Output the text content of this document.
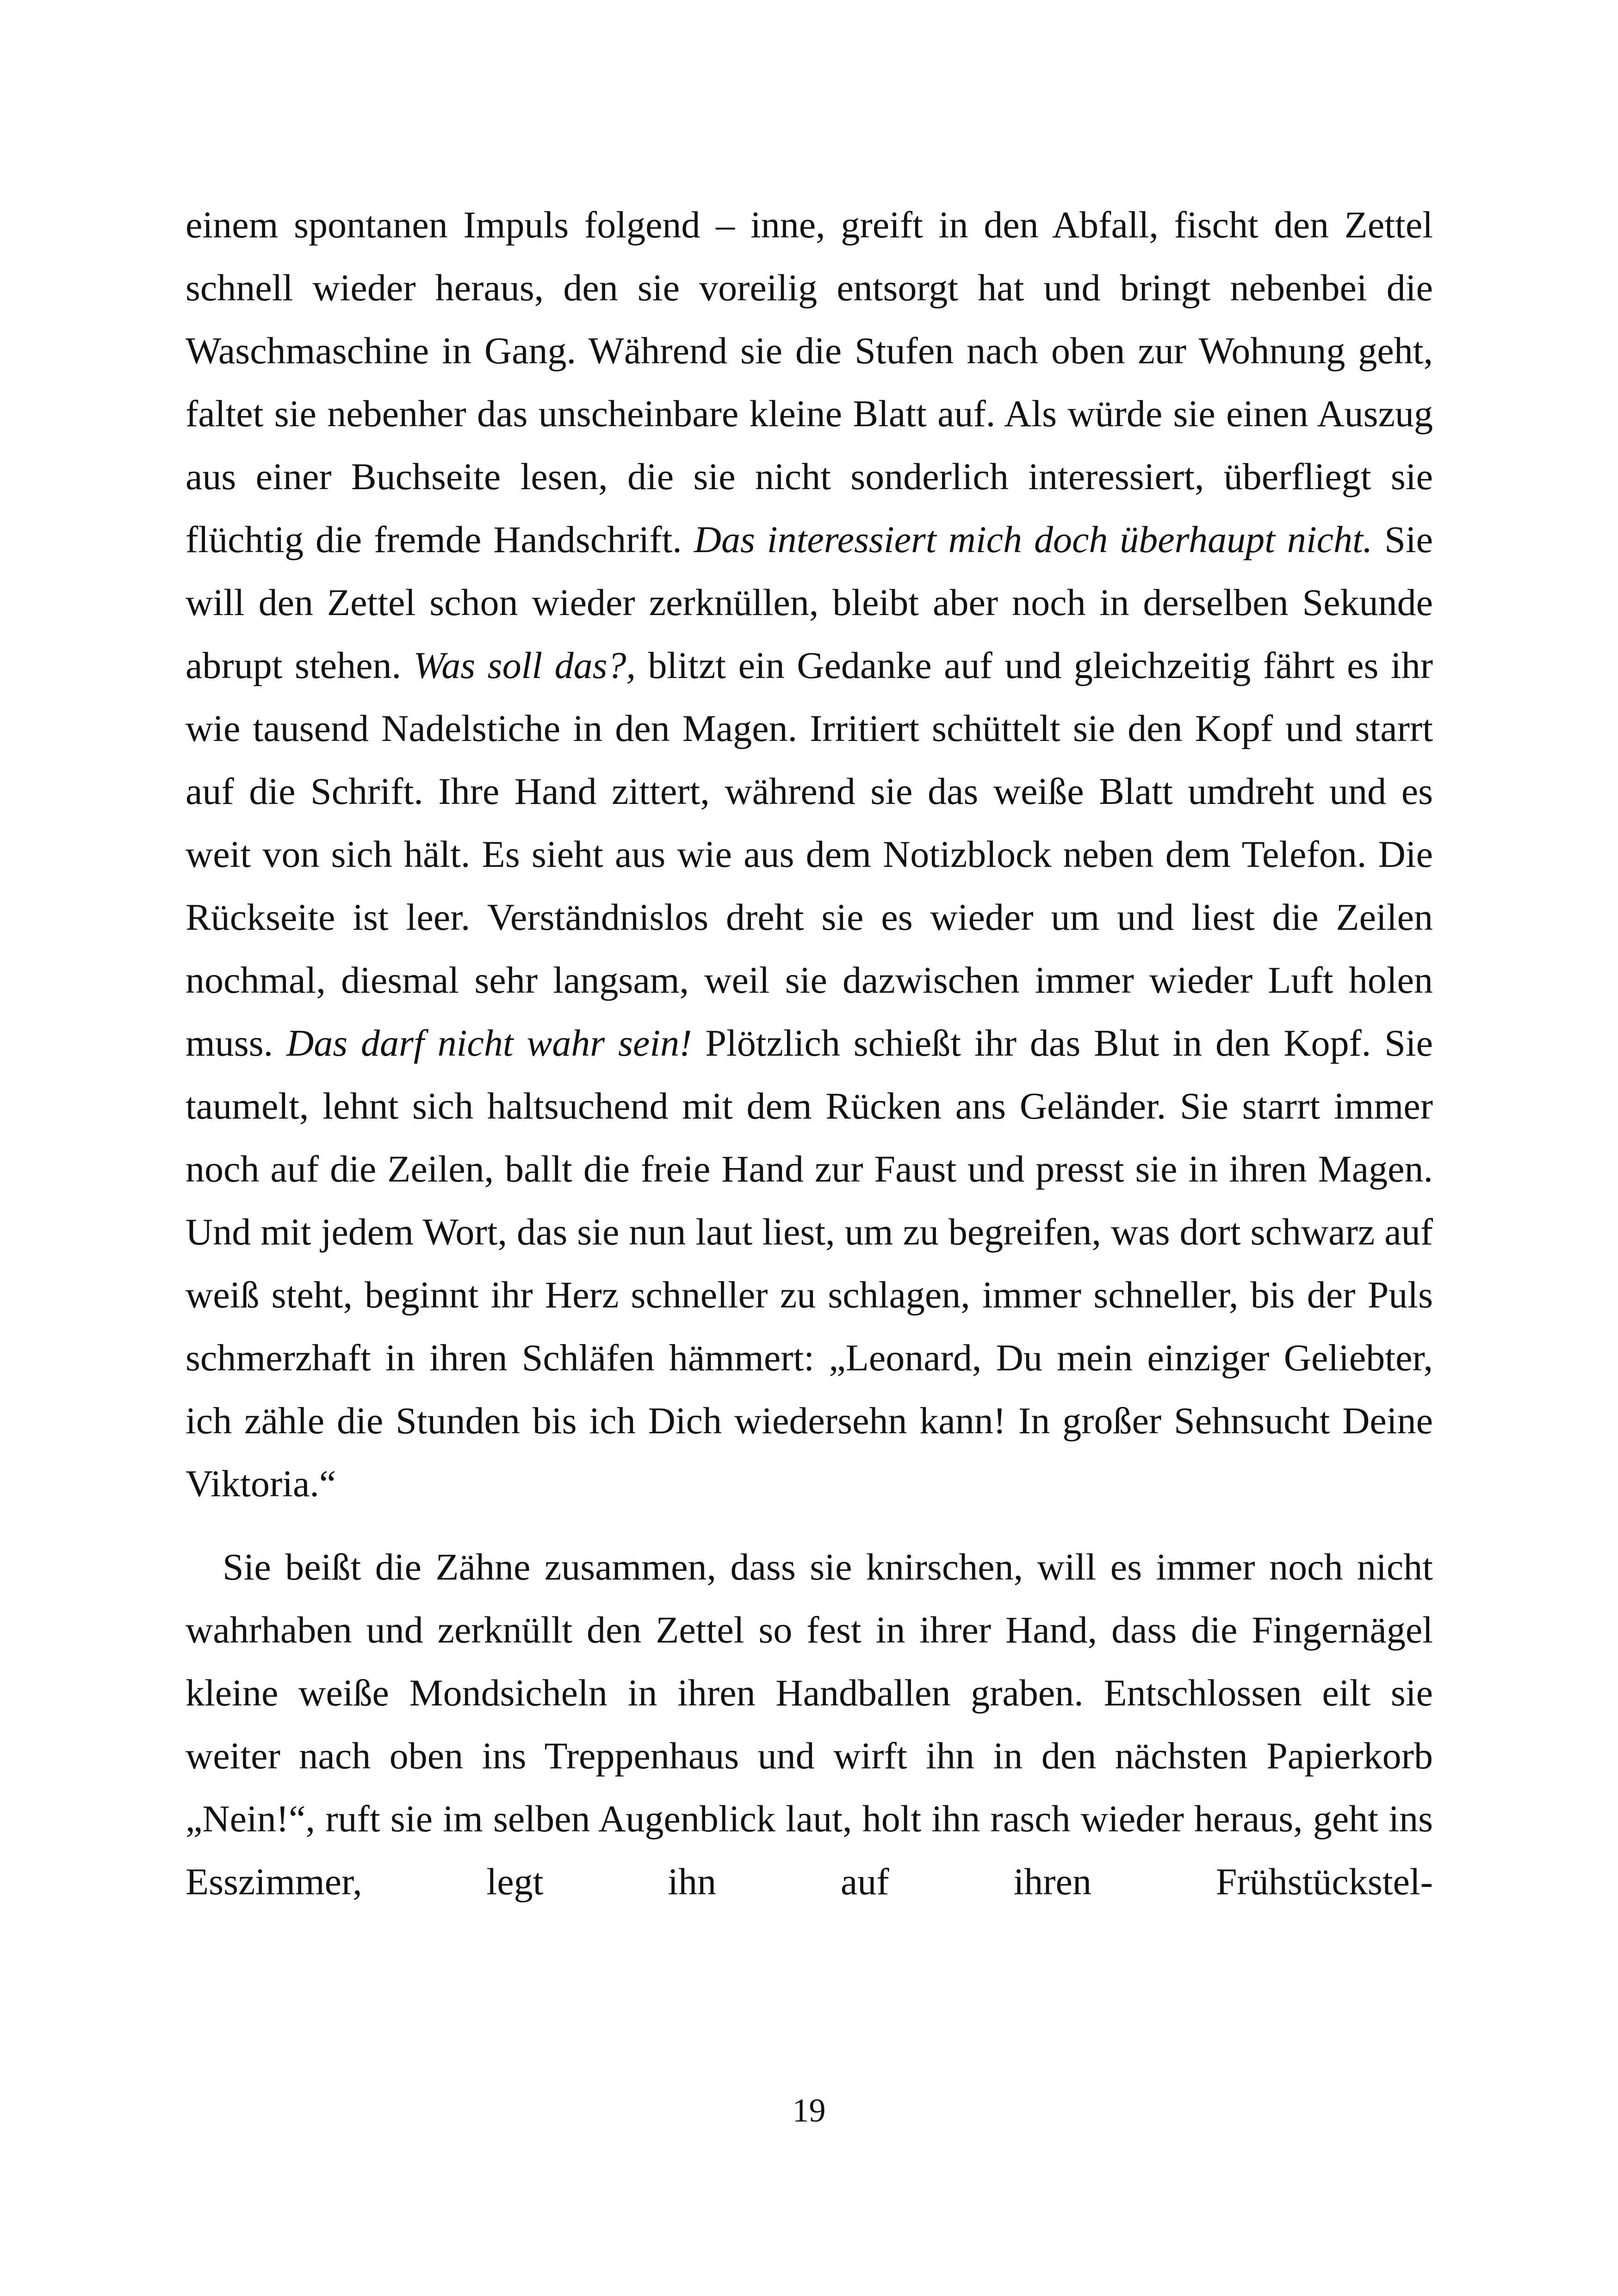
einem spontanen Impuls folgend – inne, greift in den Abfall, fischt den Zettel schnell wieder heraus, den sie voreilig entsorgt hat und bringt nebenbei die Waschmaschine in Gang. Während sie die Stufen nach oben zur Wohnung geht, faltet sie nebenher das unscheinbare kleine Blatt auf. Als würde sie einen Auszug aus einer Buchseite lesen, die sie nicht sonderlich interessiert, überfliegt sie flüchtig die fremde Handschrift. Das interessiert mich doch überhaupt nicht. Sie will den Zettel schon wieder zerknüllen, bleibt aber noch in derselben Sekunde abrupt stehen. Was soll das?, blitzt ein Gedanke auf und gleichzeitig fährt es ihr wie tausend Nadelstiche in den Magen. Irritiert schüttelt sie den Kopf und starrt auf die Schrift. Ihre Hand zittert, während sie das weiße Blatt umdreht und es weit von sich hält. Es sieht aus wie aus dem Notizblock neben dem Telefon. Die Rückseite ist leer. Verständnislos dreht sie es wieder um und liest die Zeilen nochmal, diesmal sehr langsam, weil sie dazwischen immer wieder Luft holen muss. Das darf nicht wahr sein! Plötzlich schießt ihr das Blut in den Kopf. Sie taumelt, lehnt sich haltsuchend mit dem Rücken ans Geländer. Sie starrt immer noch auf die Zeilen, ballt die freie Hand zur Faust und presst sie in ihren Magen. Und mit jedem Wort, das sie nun laut liest, um zu begreifen, was dort schwarz auf weiß steht, beginnt ihr Herz schneller zu schlagen, immer schneller, bis der Puls schmerzhaft in ihren Schläfen hämmert: „Leonard, Du mein einziger Geliebter, ich zähle die Stunden bis ich Dich wiedersehn kann! In großer Sehnsucht Deine Viktoria.“

Sie beißt die Zähne zusammen, dass sie knirschen, will es immer noch nicht wahrhaben und zerknüllt den Zettel so fest in ihrer Hand, dass die Fingernägel kleine weiße Mondsicheln in ihren Handballen graben. Entschlossen eilt sie weiter nach oben ins Treppenhaus und wirft ihn in den nächsten Papierkorb „Nein!“, ruft sie im selben Augenblick laut, holt ihn rasch wieder heraus, geht ins Esszimmer, legt ihn auf ihren Frühstückstel-

19
